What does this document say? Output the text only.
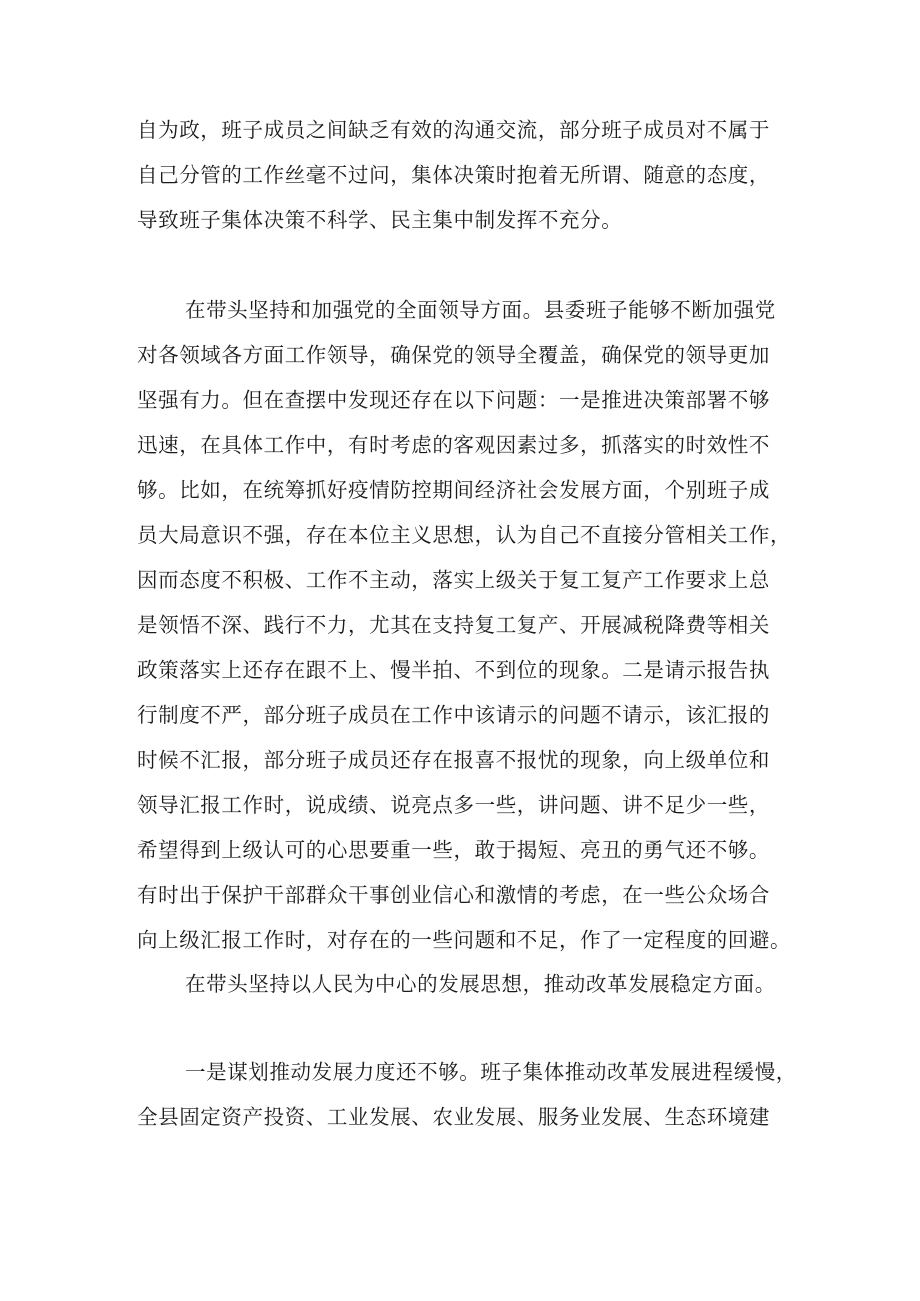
自为政，班子成员之间缺乏有效的沟通交流，部分班子成员对不属于
自己分管的工作丝毫不过问，集体决策时抱着无所谓、随意的态度，
导致班子集体决策不科学、民主集中制发挥不充分。
在带头坚持和加强党的全面领导方面。县委班子能够不断加强党
对各领域各方面工作领导，确保党的领导全覆盖，确保党的领导更加
坚强有力。但在查摆中发现还存在以下问题：一是推进决策部署不够
迅速，在具体工作中，有时考虑的客观因素过多，抓落实的时效性不
够。比如，在统筹抓好疫情防控期间经济社会发展方面，个别班子成
员大局意识不强，存在本位主义思想，认为自己不直接分管相关工作，
因而态度不积极、工作不主动，落实上级关于复工复产工作要求上总
是领悟不深、践行不力，尤其在支持复工复产、开展减税降费等相关
政策落实上还存在跟不上、慢半拍、不到位的现象。二是请示报告执
行制度不严，部分班子成员在工作中该请示的问题不请示，该汇报的
时候不汇报，部分班子成员还存在报喜不报忧的现象，向上级单位和
领导汇报工作时，说成绩、说亮点多一些，讲问题、讲不足少一些，
希望得到上级认可的心思要重一些，敢于揭短、亮丑的勇气还不够。
有时出于保护干部群众干事创业信心和激情的考虑，在一些公众场合
向上级汇报工作时，对存在的一些问题和不足，作了一定程度的回避。
在带头坚持以人民为中心的发展思想，推动改革发展稳定方面。
一是谋划推动发展力度还不够。班子集体推动改革发展进程缓慢，
全县固定资产投资、工业发展、农业发展、服务业发展、生态环境建
